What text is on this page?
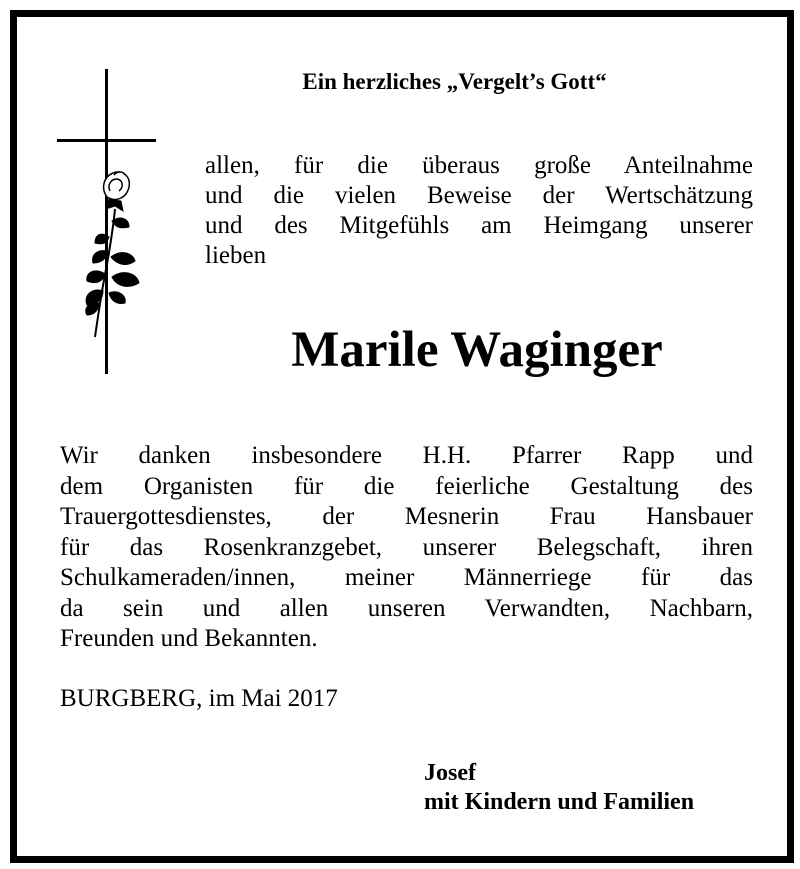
Ein herzliches „Vergelt’s Gott“
allen, für die überaus große Anteilnahme
und die vielen Beweise der Wertschätzung
und des Mitgefühls am Heimgang unserer
lieben
Marile Waginger
Wir danken insbesondere H.H. Pfarrer Rapp und
dem Organisten für die feierliche Gestaltung des
Trauergottesdienstes, der Mesnerin Frau Hansbauer
für das Rosenkranzgebet, unserer Belegschaft, ihren
Schulkameraden/innen, meiner Männerriege für das
da sein und allen unseren Verwandten, Nachbarn,
Freunden und Bekannten.
BURGBERG, im Mai 2017
Josef
mit Kindern und Familien
